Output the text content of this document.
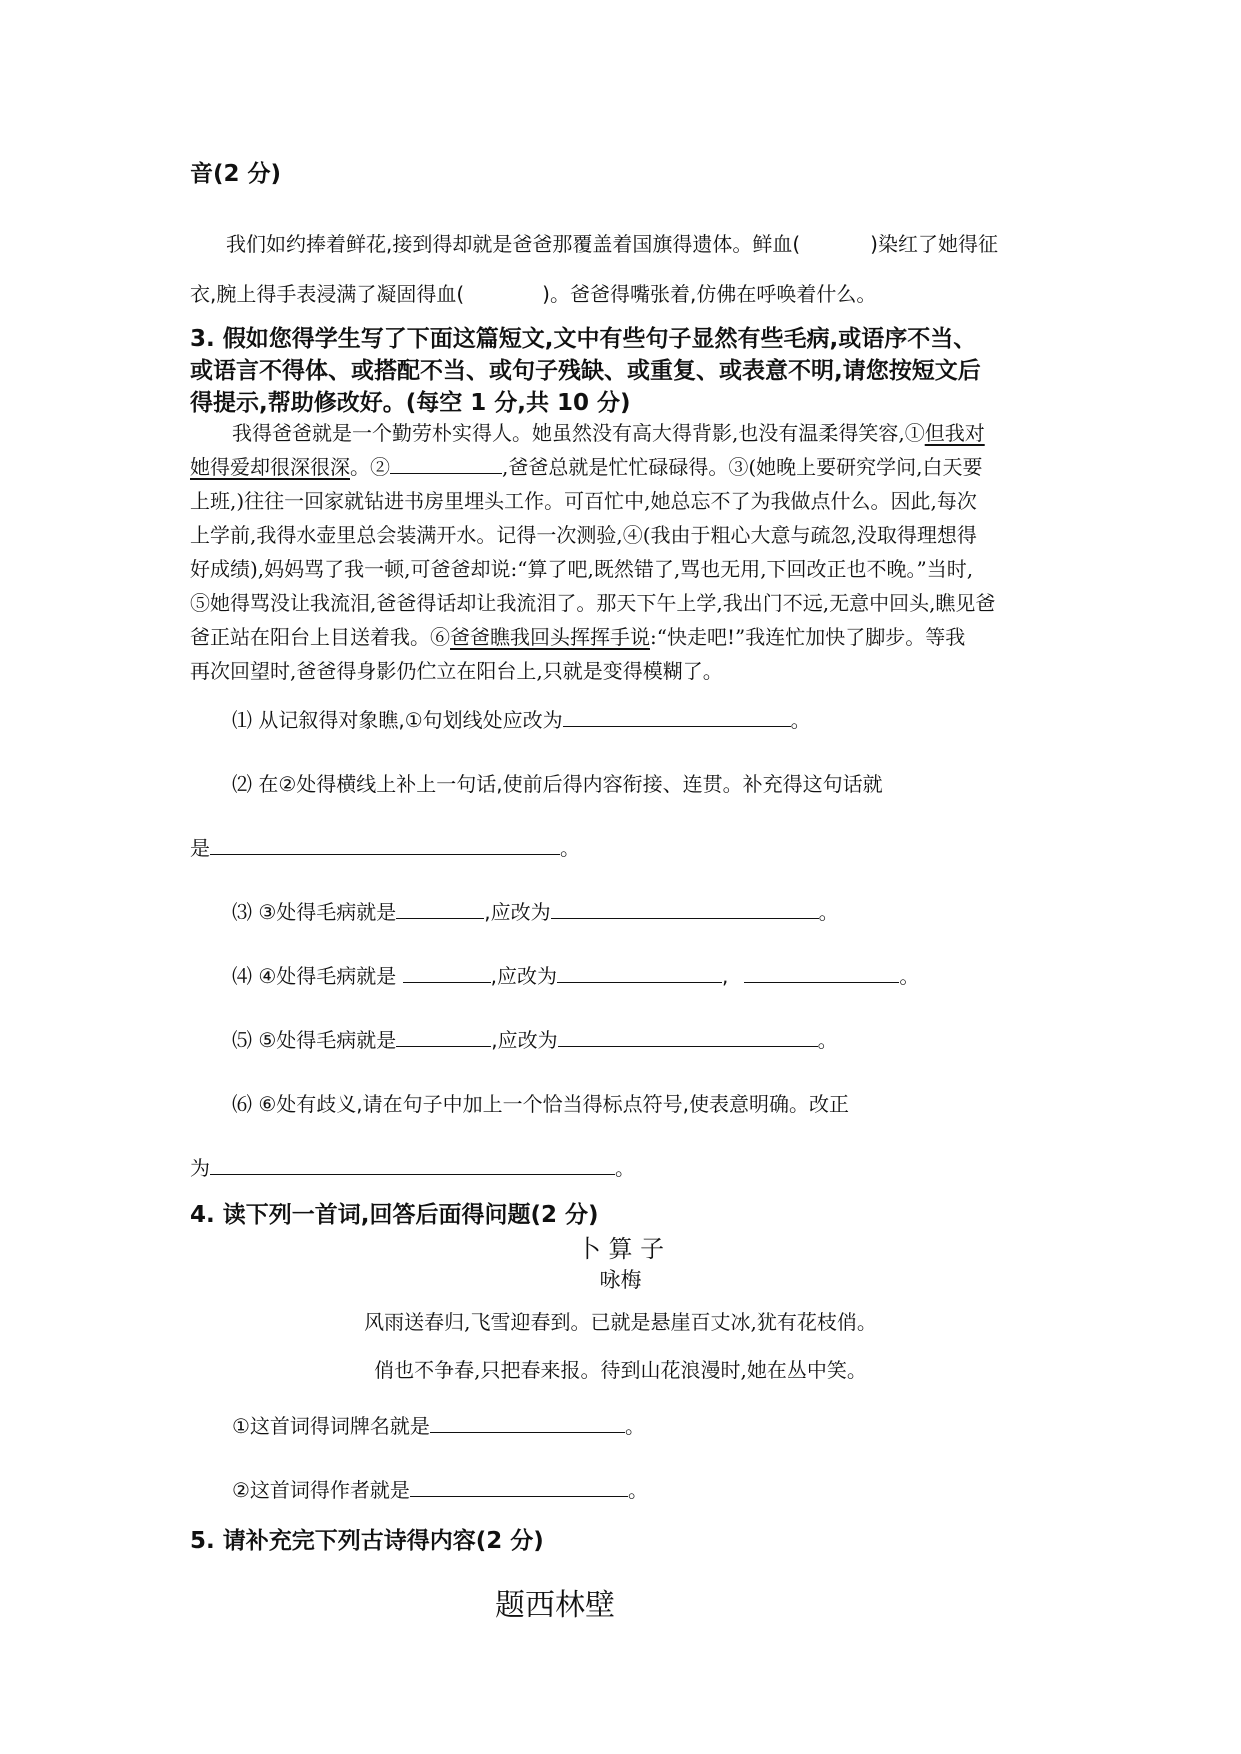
音(2 分)
我们如约捧着鲜花,接到得却就是爸爸那覆盖着国旗得遗体。鲜血(	)染红了她得征
衣,腕上得手表浸满了凝固得血(	)。爸爸得嘴张着,仿佛在呼唤着什么。
3. 假如您得学生写了下面这篇短文,文中有些句子显然有些毛病,或语序不当、
或语言不得体、或搭配不当、或句子残缺、或重复、或表意不明,请您按短文后
得提示,帮助修改好。(每空 1 分,共 10 分)
我得爸爸就是一个勤劳朴实得人。她虽然没有高大得背影,也没有温柔得笑容,①但我对
她得爱却很深很深。②	,爸爸总就是忙忙碌碌得。③(她晚上要研究学问,白天要
上班,)往往一回家就钻进书房里埋头工作。可百忙中,她总忘不了为我做点什么。因此,每次
上学前,我得水壶里总会装满开水。记得一次测验,④(我由于粗心大意与疏忽,没取得理想得
好成绩),妈妈骂了我一顿,可爸爸却说:“算了吧,既然错了,骂也无用,下回改正也不晚。”当时,
⑤她得骂没让我流泪,爸爸得话却让我流泪了。那天下午上学,我出门不远,无意中回头,瞧见爸
爸正站在阳台上目送着我。⑥爸爸瞧我回头挥挥手说:“快走吧!”我连忙加快了脚步。等我
再次回望时,爸爸得身影仍伫立在阳台上,只就是变得模糊了。
⑴ 从记叙得对象瞧,①句划线处应改为	。
⑵ 在②处得横线上补上一句话,使前后得内容衔接、连贯。补充得这句话就
是	。
⑶ ③处得毛病就是	,应改为	。
⑷ ④处得毛病就是	,应改为	,	。
⑸ ⑤处得毛病就是	,应改为	。
⑹ ⑥处有歧义,请在句子中加上一个恰当得标点符号,使表意明确。改正
为	。
4. 读下列一首词,回答后面得问题(2 分)
卜 算 子
咏梅
风雨送春归,飞雪迎春到。已就是悬崖百丈冰,犹有花枝俏。
俏也不争春,只把春来报。待到山花浪漫时,她在丛中笑。
①这首词得词牌名就是	。
②这首词得作者就是	。
5. 请补充完下列古诗得内容(2 分)
题西林壁
